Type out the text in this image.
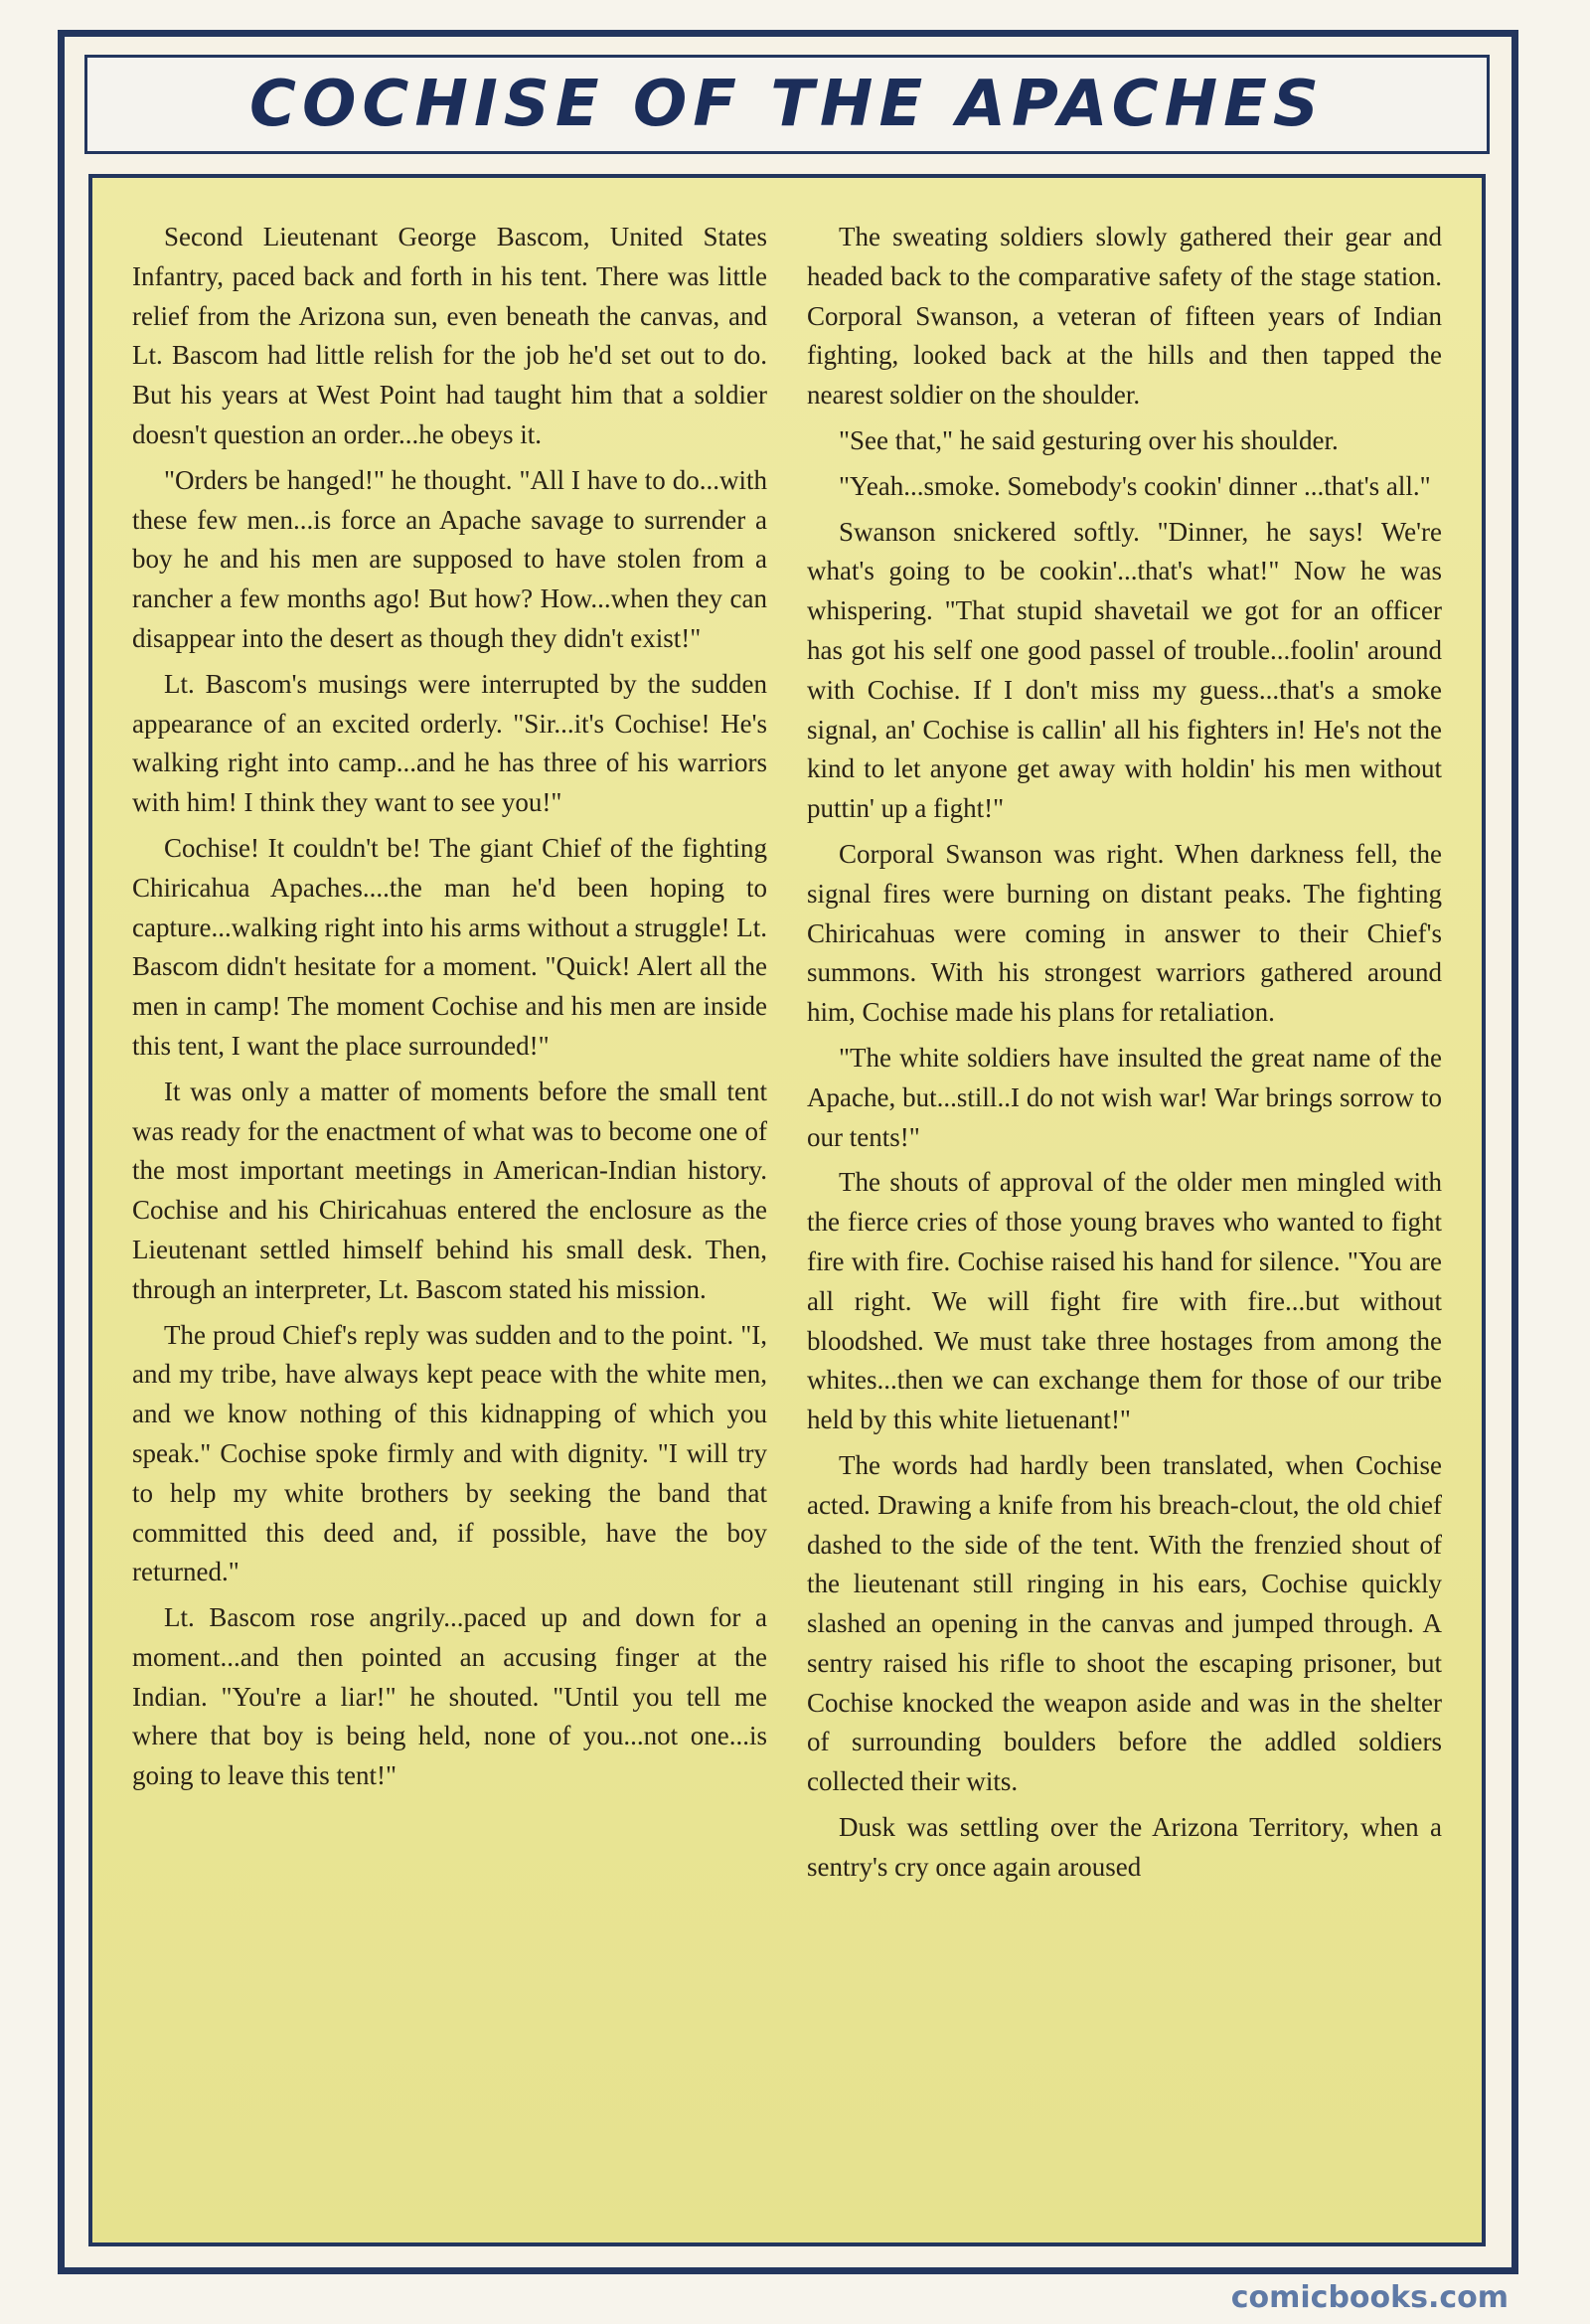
COCHISE OF THE APACHES

Second Lieutenant George Bascom, United States Infantry, paced back and forth in his tent. There was little relief from the Arizona sun, even beneath the canvas, and Lt. Bascom had little relish for the job he'd set out to do. But his years at West Point had taught him that a soldier doesn't question an order...he obeys it.

"Orders be hanged!" he thought. "All I have to do...with these few men...is force an Apache savage to surrender a boy he and his men are supposed to have stolen from a rancher a few months ago! But how? How...when they can disappear into the desert as though they didn't exist!"

Lt. Bascom's musings were interrupted by the sudden appearance of an excited orderly. "Sir...it's Cochise! He's walking right into camp...and he has three of his warriors with him! I think they want to see you!"

Cochise! It couldn't be! The giant Chief of the fighting Chiricahua Apaches....the man he'd been hoping to capture...walking right into his arms without a struggle! Lt. Bascom didn't hesitate for a moment. "Quick! Alert all the men in camp! The moment Cochise and his men are inside this tent, I want the place surrounded!"

It was only a matter of moments before the small tent was ready for the enactment of what was to become one of the most important meetings in American-Indian history. Cochise and his Chiricahuas entered the enclosure as the Lieutenant settled himself behind his small desk. Then, through an interpreter, Lt. Bascom stated his mission.

The proud Chief's reply was sudden and to the point. "I, and my tribe, have always kept peace with the white men, and we know nothing of this kidnapping of which you speak." Cochise spoke firmly and with dignity. "I will try to help my white brothers by seeking the band that committed this deed and, if possible, have the boy returned."

Lt. Bascom rose angrily...paced up and down for a moment...and then pointed an accusing finger at the Indian. "You're a liar!" he shouted. "Until you tell me where that boy is being held, none of you...not one...is going to leave this tent!"

The sweating soldiers slowly gathered their gear and headed back to the comparative safety of the stage station. Corporal Swanson, a veteran of fifteen years of Indian fighting, looked back at the hills and then tapped the nearest soldier on the shoulder.

"See that," he said gesturing over his shoulder.

"Yeah...smoke. Somebody's cookin' dinner ...that's all."

Swanson snickered softly. "Dinner, he says! We're what's going to be cookin'...that's what!" Now he was whispering. "That stupid shavetail we got for an officer has got his self one good passel of trouble...foolin' around with Cochise. If I don't miss my guess...that's a smoke signal, an' Cochise is callin' all his fighters in! He's not the kind to let anyone get away with holdin' his men without puttin' up a fight!"

Corporal Swanson was right. When darkness fell, the signal fires were burning on distant peaks. The fighting Chiricahuas were coming in answer to their Chief's summons. With his strongest warriors gathered around him, Cochise made his plans for retaliation.

"The white soldiers have insulted the great name of the Apache, but...still..I do not wish war! War brings sorrow to our tents!"

The shouts of approval of the older men mingled with the fierce cries of those young braves who wanted to fight fire with fire. Cochise raised his hand for silence. "You are all right. We will fight fire with fire...but without bloodshed. We must take three hostages from among the whites...then we can exchange them for those of our tribe held by this white lietuenant!"

The words had hardly been translated, when Cochise acted. Drawing a knife from his breach-clout, the old chief dashed to the side of the tent. With the frenzied shout of the lieutenant still ringing in his ears, Cochise quickly slashed an opening in the canvas and jumped through. A sentry raised his rifle to shoot the escaping prisoner, but Cochise knocked the weapon aside and was in the shelter of surrounding boulders before the addled soldiers collected their wits.

Dusk was settling over the Arizona Territory, when a sentry's cry once again aroused

comicbooks.com
